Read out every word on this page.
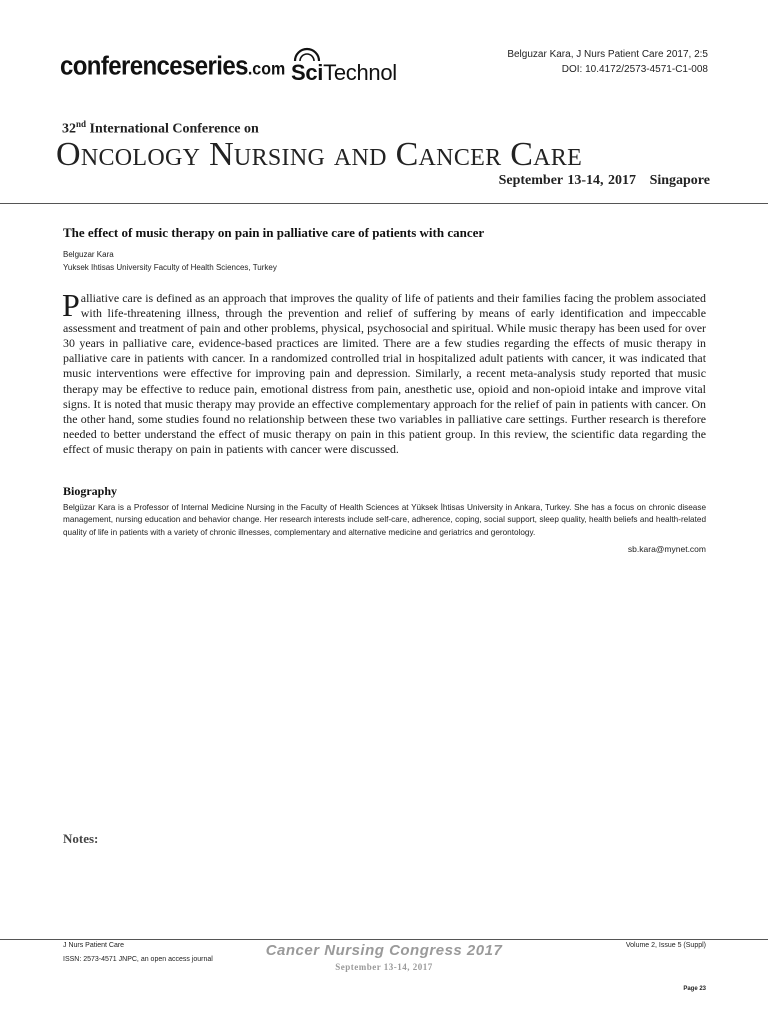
conferenceseries.com SciTechnol
Belguzar Kara, J Nurs Patient Care 2017, 2:5
DOI: 10.4172/2573-4571-C1-008
32nd International Conference on
Oncology Nursing and Cancer Care
September 13-14, 2017 Singapore
The effect of music therapy on pain in palliative care of patients with cancer
Belguzar Kara
Yuksek Ihtisas University Faculty of Health Sciences, Turkey
Palliative care is defined as an approach that improves the quality of life of patients and their families facing the problem associated with life-threatening illness, through the prevention and relief of suffering by means of early identification and impeccable assessment and treatment of pain and other problems, physical, psychosocial and spiritual. While music therapy has been used for over 30 years in palliative care, evidence-based practices are limited. There are a few studies regarding the effects of music therapy in palliative care in patients with cancer. In a randomized controlled trial in hospitalized adult patients with cancer, it was indicated that music interventions were effective for improving pain and depression. Similarly, a recent meta-analysis study reported that music therapy may be effective to reduce pain, emotional distress from pain, anesthetic use, opioid and non-opioid intake and improve vital signs. It is noted that music therapy may provide an effective complementary approach for the relief of pain in patients with cancer. On the other hand, some studies found no relationship between these two variables in palliative care settings. Further research is therefore needed to better understand the effect of music therapy on pain in this patient group. In this review, the scientific data regarding the effect of music therapy on pain in patients with cancer were discussed.
Biography
Belgüzar Kara is a Professor of Internal Medicine Nursing in the Faculty of Health Sciences at Yüksek İhtisas University in Ankara, Turkey. She has a focus on chronic disease management, nursing education and behavior change. Her research interests include self-care, adherence, coping, social support, sleep quality, health beliefs and health-related quality of life in patients with a variety of chronic illnesses, complementary and alternative medicine and geriatrics and gerontology.
sb.kara@mynet.com
Notes:
J Nurs Patient Care
ISSN: 2573-4571 JNPC, an open access journal
Cancer Nursing Congress 2017
September 13-14, 2017
Volume 2, Issue 5 (Suppl)
Page 23
